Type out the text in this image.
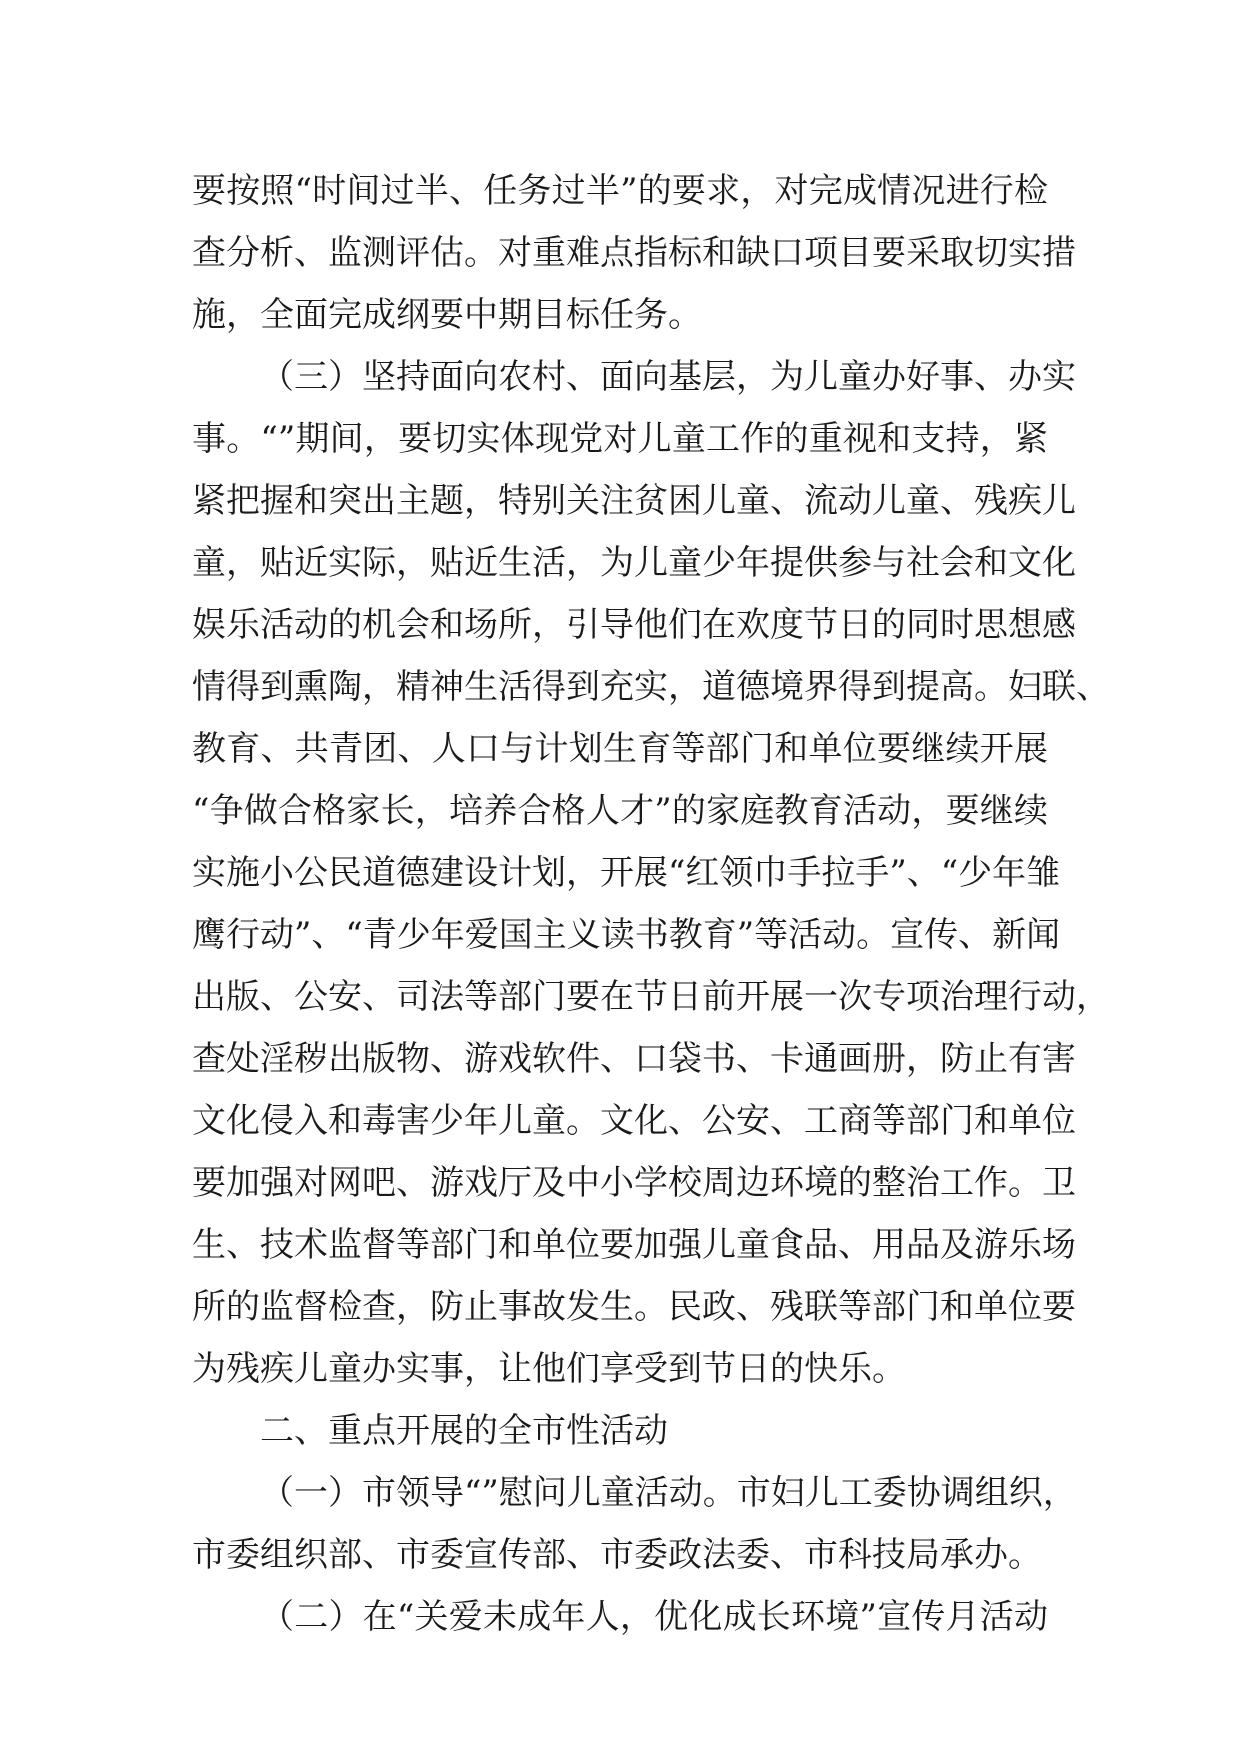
要按照“时间过半、任务过半”的要求，对完成情况进行检
查分析、监测评估。对重难点指标和缺口项目要采取切实措
施，全面完成纲要中期目标任务。
（三）坚持面向农村、面向基层，为儿童办好事、办实
事。“”期间，要切实体现党对儿童工作的重视和支持，紧
紧把握和突出主题，特别关注贫困儿童、流动儿童、残疾儿
童，贴近实际，贴近生活，为儿童少年提供参与社会和文化
娱乐活动的机会和场所，引导他们在欢度节日的同时思想感
情得到熏陶，精神生活得到充实，道德境界得到提高。妇联、
教育、共青团、人口与计划生育等部门和单位要继续开展
“争做合格家长，培养合格人才”的家庭教育活动，要继续
实施小公民道德建设计划，开展“红领巾手拉手”、“少年雏
鹰行动”、“青少年爱国主义读书教育”等活动。宣传、新闻
出版、公安、司法等部门要在节日前开展一次专项治理行动，
查处淫秽出版物、游戏软件、口袋书、卡通画册，防止有害
文化侵入和毒害少年儿童。文化、公安、工商等部门和单位
要加强对网吧、游戏厅及中小学校周边环境的整治工作。卫
生、技术监督等部门和单位要加强儿童食品、用品及游乐场
所的监督检查，防止事故发生。民政、残联等部门和单位要
为残疾儿童办实事，让他们享受到节日的快乐。
二、重点开展的全市性活动
（一）市领导“”慰问儿童活动。市妇儿工委协调组织，
市委组织部、市委宣传部、市委政法委、市科技局承办。
（二）在“关爱未成年人，优化成长环境”宣传月活动
